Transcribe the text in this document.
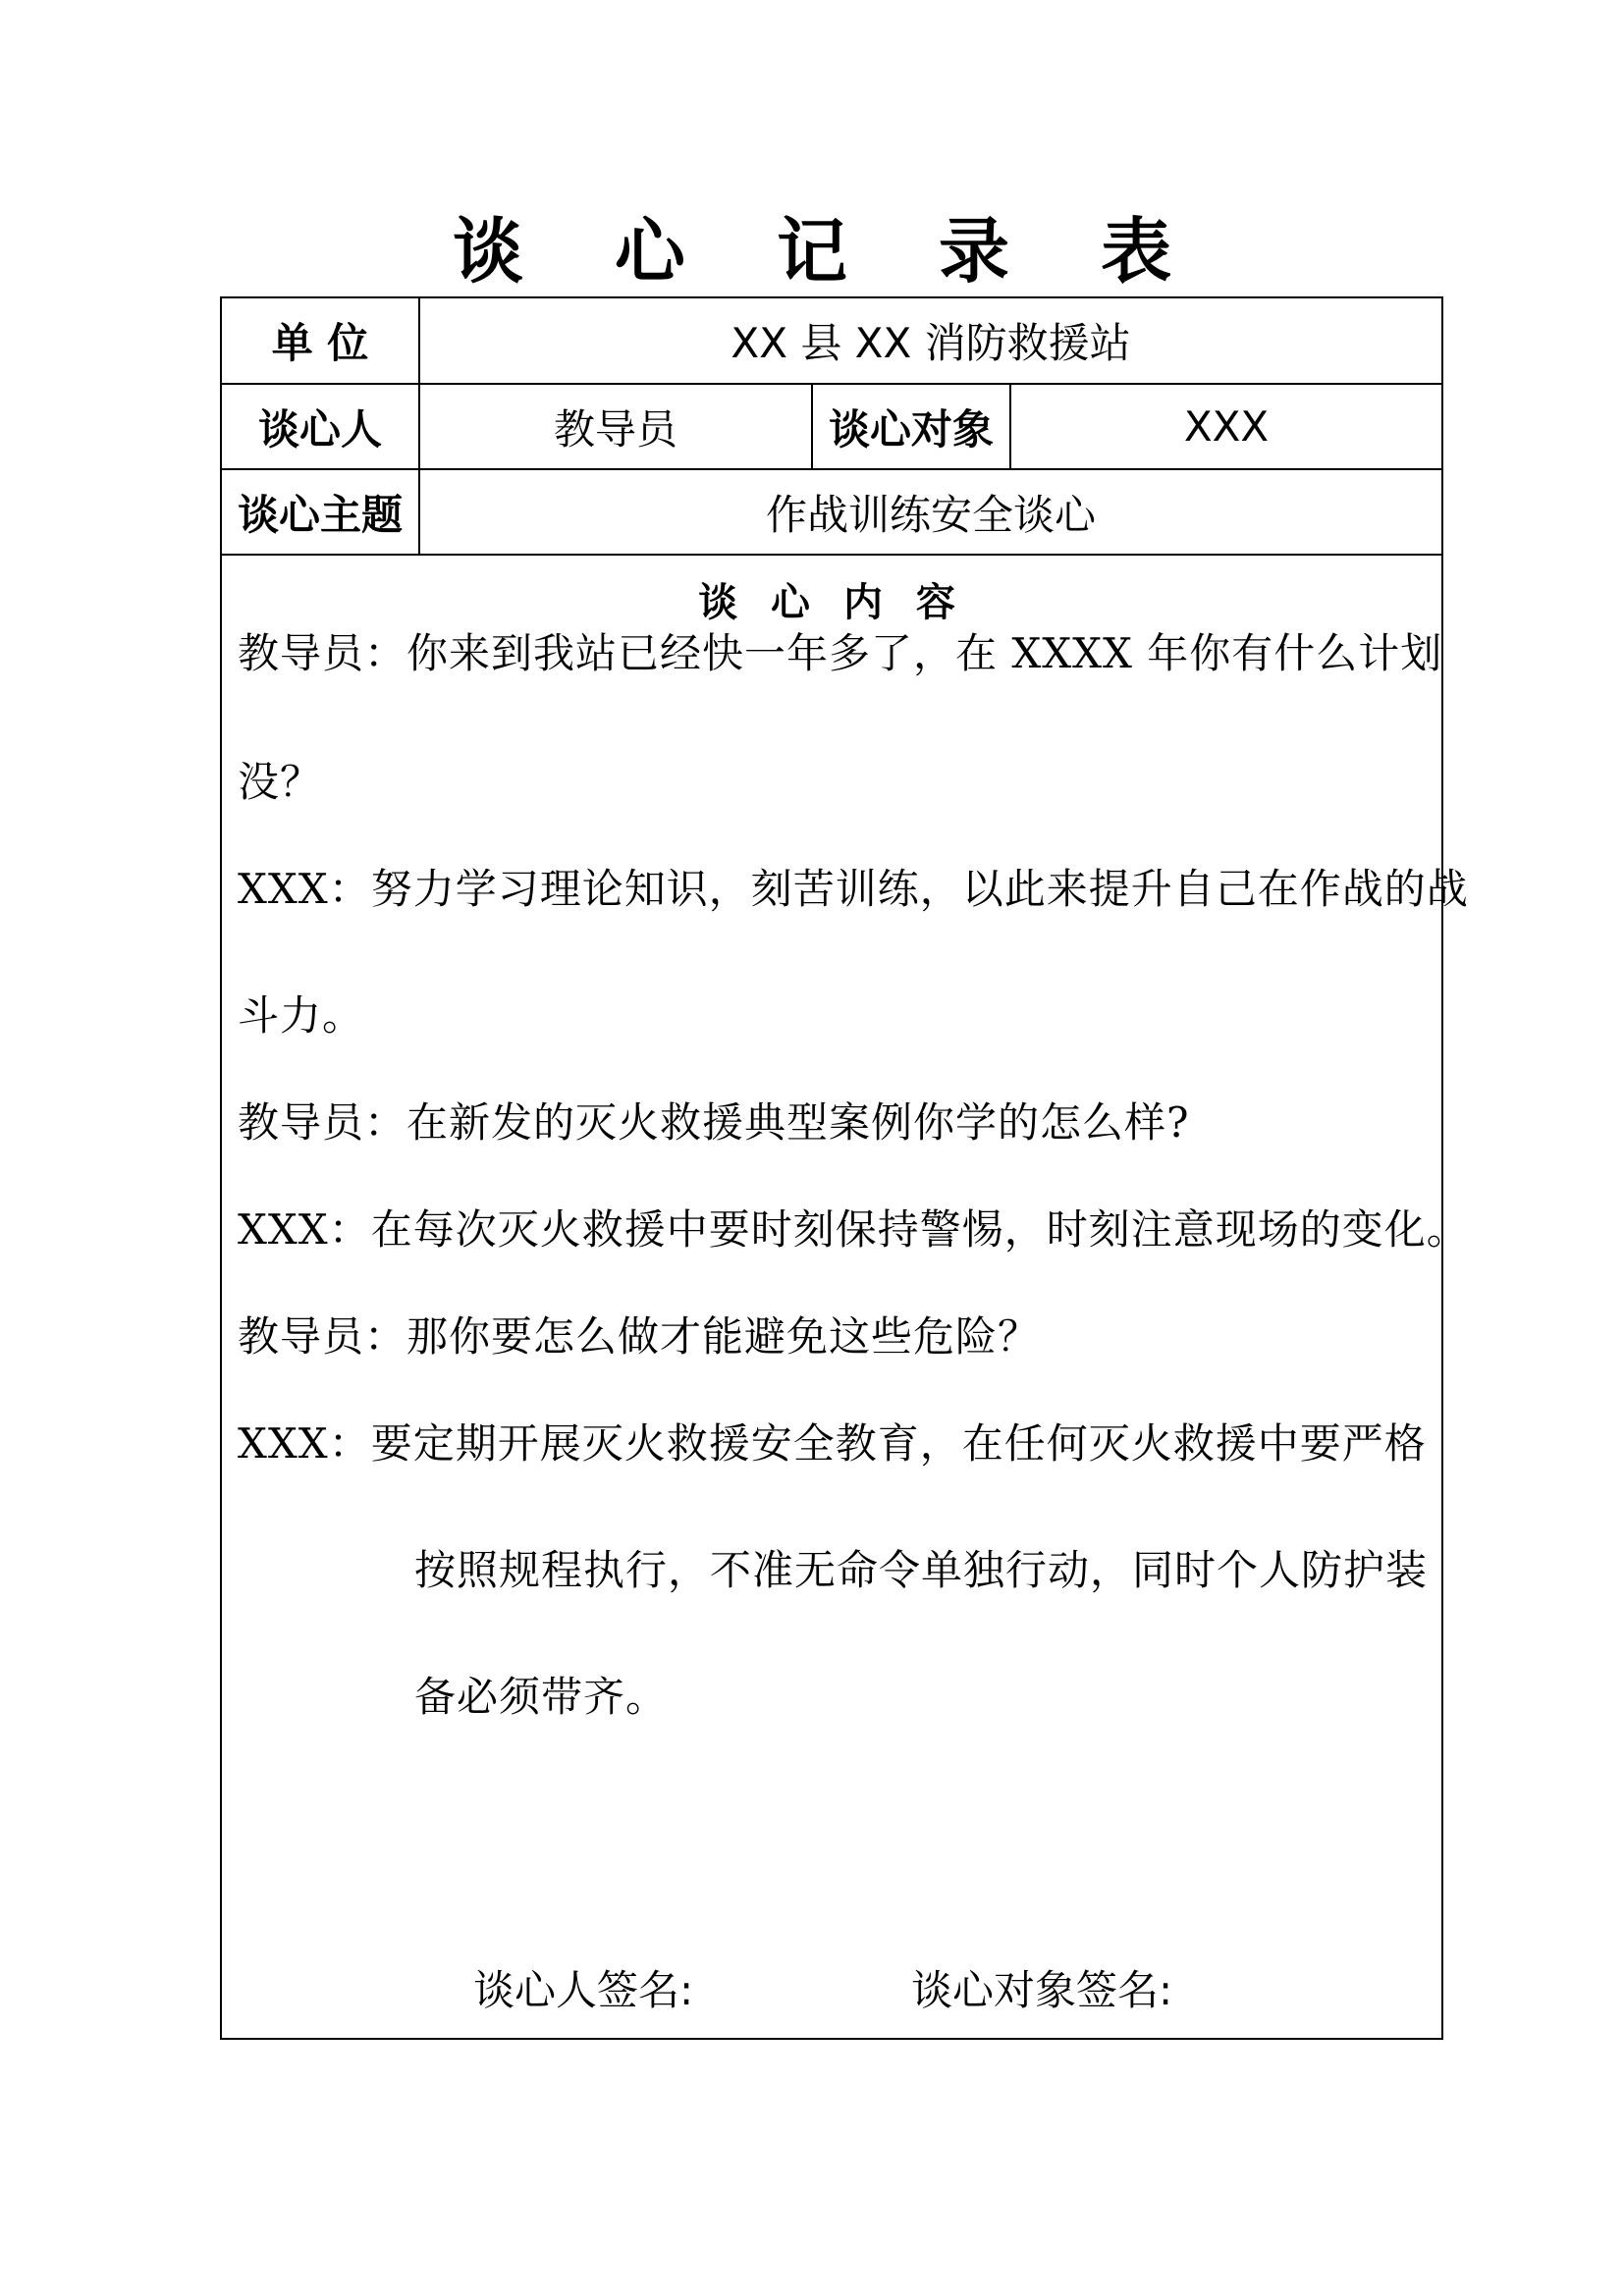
谈 心 记 录 表
单 位	XX 县 XX 消防救援站
谈心人	教导员	谈心对象	XXX
谈心主题	作战训练安全谈心
谈 心 内 容
教导员：你来到我站已经快一年多了，在 XXXX 年你有什么计划
没？
XXX：努力学习理论知识，刻苦训练，以此来提升自己在作战的战
斗力。
教导员：在新发的灭火救援典型案例你学的怎么样?
XXX：在每次灭火救援中要时刻保持警惕，时刻注意现场的变化。
教导员：那你要怎么做才能避免这些危险？
XXX：要定期开展灭火救援安全教育，在任何灭火救援中要严格
按照规程执行，不准无命令单独行动，同时个人防护装
备必须带齐。
谈心人签名:	谈心对象签名:
